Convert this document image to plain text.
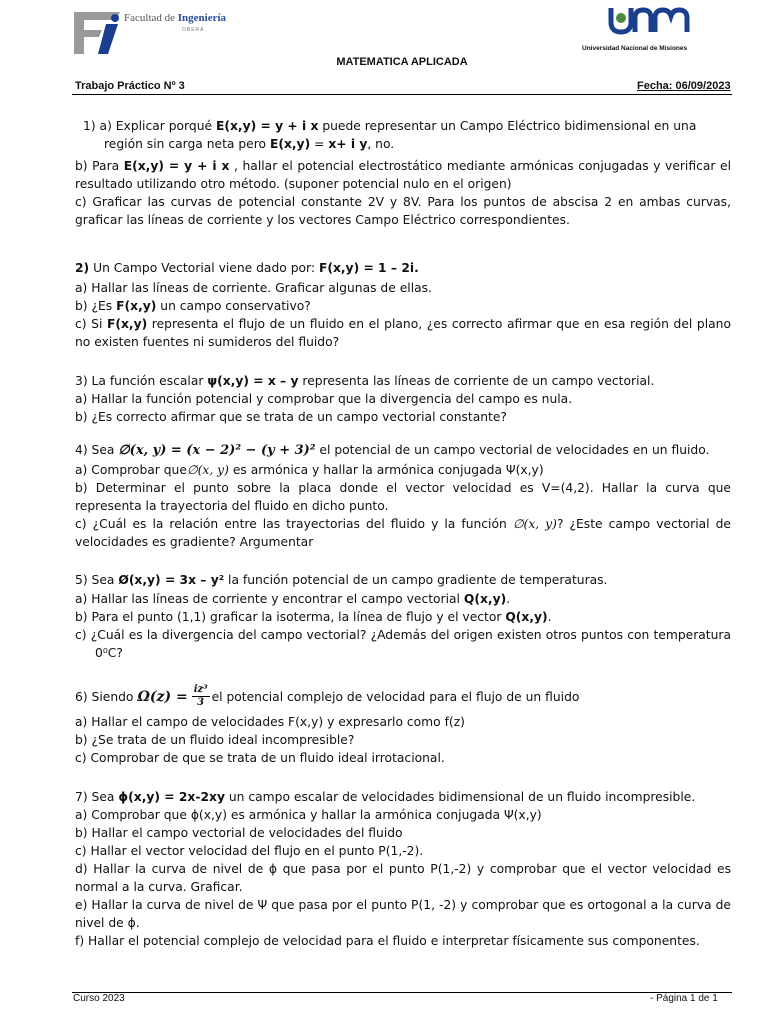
Facultad de Ingeniería
OBERÁ
Universidad Nacional de Misiones
MATEMATICA APLICADA
Trabajo Práctico Nº 3	Fecha: 06/09/2023

1) a) Explicar porqué E(x,y) = y + i x puede representar un Campo Eléctrico bidimensional en una

región sin carga neta pero E(x,y) = x+ i y, no.

b) Para E(x,y) = y + i x , hallar el potencial electrostático mediante armónicas conjugadas y verificar el resultado utilizando otro método. (suponer potencial nulo en el origen)

c) Graficar las curvas de potencial constante 2V y 8V. Para los puntos de abscisa 2 en ambas curvas, graficar las líneas de corriente y los vectores Campo Eléctrico correspondientes.

2) Un Campo Vectorial viene dado por: F(x,y) = 1 – 2i.

a) Hallar las líneas de corriente. Graficar algunas de ellas.

b) ¿Es F(x,y) un campo conservativo?

c) Si F(x,y) representa el flujo de un fluido en el plano, ¿es correcto afirmar que en esa región del plano no existen fuentes ni sumideros del fluido?

3) La función escalar ψ(x,y) = x – y representa las líneas de corriente de un campo vectorial.

a) Hallar la función potencial y comprobar que la divergencia del campo es nula.

b) ¿Es correcto afirmar que se trata de un campo vectorial constante?

4) Sea ∅(x, y) = (x − 2)² − (y + 3)² el potencial de un campo vectorial de velocidades en un fluido.

a) Comprobar que∅(x, y) es armónica y hallar la armónica conjugada Ψ(x,y)

b) Determinar el punto sobre la placa donde el vector velocidad es V=(4,2). Hallar la curva que representa la trayectoria del fluido en dicho punto.

c) ¿Cuál es la relación entre las trayectorias del fluido y la función ∅(x, y)? ¿Este campo vectorial de velocidades es gradiente? Argumentar

5) Sea Ø(x,y) = 3x – y² la función potencial de un campo gradiente de temperaturas.

a) Hallar las líneas de corriente y encontrar el campo vectorial Q(x,y).

b) Para el punto (1,1) graficar la isoterma, la línea de flujo y el vector Q(x,y).

c) ¿Cuál es la divergencia del campo vectorial? ¿Además del origen existen otros puntos con temperatura 0⁰C?

6) Siendo $\Omega(z) = \frac{\text{iz³}}{3}$ el potencial complejo de velocidad para el flujo de un fluido

a) Hallar el campo de velocidades F(x,y) y expresarlo como f(z)

b) ¿Se trata de un fluido ideal incompresible?

c) Comprobar de que se trata de un fluido ideal irrotacional.

7) Sea ϕ(x,y) = 2x-2xy un campo escalar de velocidades bidimensional de un fluido incompresible.

a) Comprobar que ϕ(x,y) es armónica y hallar la armónica conjugada Ψ(x,y)

b) Hallar el campo vectorial de velocidades del fluido

c) Hallar el vector velocidad del flujo en el punto P(1,-2).

d) Hallar la curva de nivel de ϕ que pasa por el punto P(1,-2) y comprobar que el vector velocidad es normal a la curva. Graficar.

e) Hallar la curva de nivel de Ψ que pasa por el punto P(1, -2) y comprobar que es ortogonal a la curva de nivel de ϕ.

f) Hallar el potencial complejo de velocidad para el fluido e interpretar físicamente sus componentes.

Curso 2023	- Página 1 de 1
